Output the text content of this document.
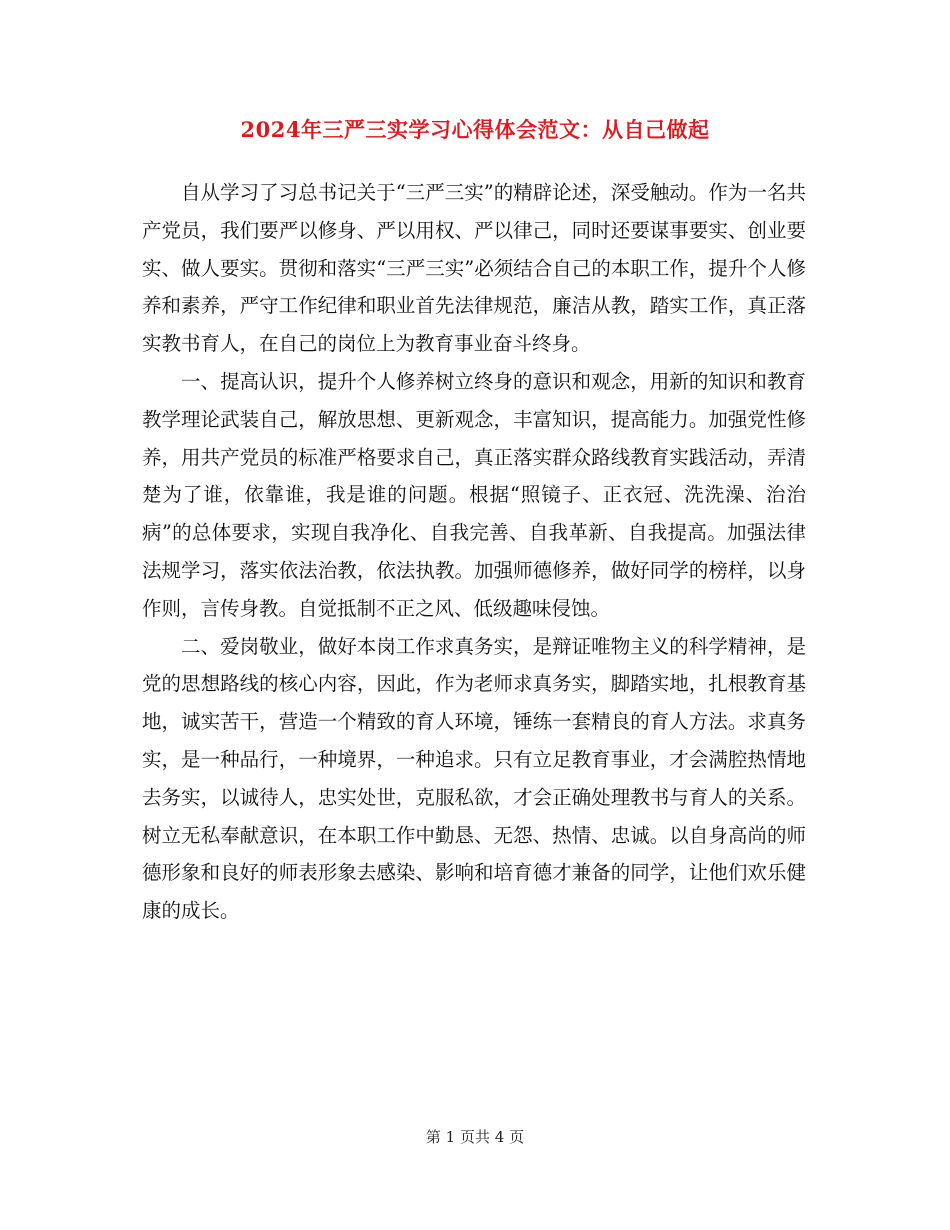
2024年三严三实学习心得体会范文：从自己做起

自从学习了习总书记关于“三严三实”的精辟论述，深受触动。作为一名共产党员，我们要严以修身、严以用权、严以律己，同时还要谋事要实、创业要实、做人要实。贯彻和落实“三严三实”必须结合自己的本职工作，提升个人修养和素养，严守工作纪律和职业首先法律规范，廉洁从教，踏实工作，真正落实教书育人，在自己的岗位上为教育事业奋斗终身。

一、提高认识，提升个人修养树立终身的意识和观念，用新的知识和教育教学理论武装自己，解放思想、更新观念，丰富知识，提高能力。加强党性修养，用共产党员的标准严格要求自己，真正落实群众路线教育实践活动，弄清楚为了谁，依靠谁，我是谁的问题。根据“照镜子、正衣冠、洗洗澡、治治病”的总体要求，实现自我净化、自我完善、自我革新、自我提高。加强法律法规学习，落实依法治教，依法执教。加强师德修养，做好同学的榜样，以身作则，言传身教。自觉抵制不正之风、低级趣味侵蚀。

二、爱岗敬业，做好本岗工作求真务实，是辩证唯物主义的科学精神，是党的思想路线的核心内容，因此，作为老师求真务实，脚踏实地，扎根教育基地，诚实苦干，营造一个精致的育人环境，锤练一套精良的育人方法。求真务实，是一种品行，一种境界，一种追求。只有立足教育事业，才会满腔热情地去务实，以诚待人，忠实处世，克服私欲，才会正确处理教书与育人的关系。树立无私奉献意识，在本职工作中勤恳、无怨、热情、忠诚。以自身高尚的师德形象和良好的师表形象去感染、影响和培育德才兼备的同学，让他们欢乐健康的成长。

第 1 页共 4 页
